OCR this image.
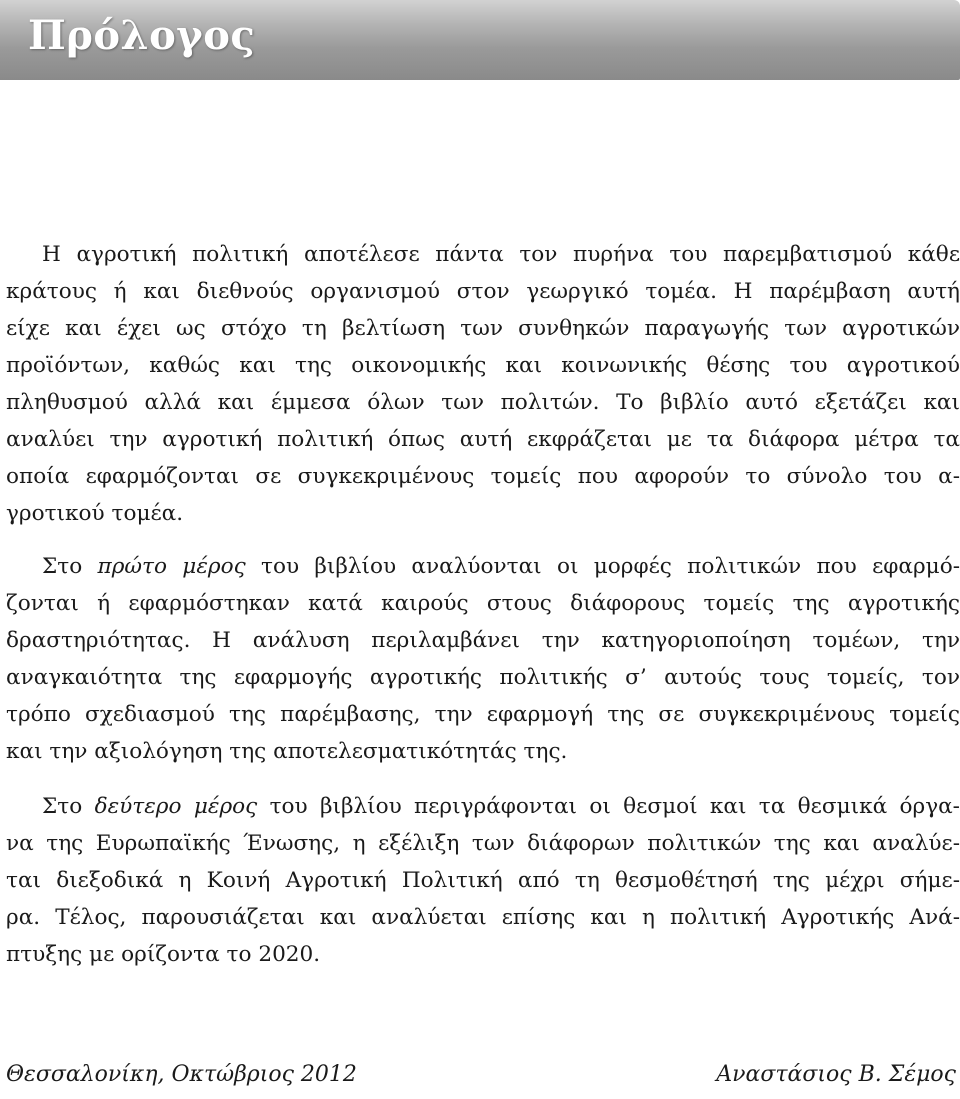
Πρόλογος
Η αγροτική πολιτική αποτέλεσε πάντα τον πυρήνα του παρεμβατισμού κάθε
κράτους ή και διεθνούς οργανισμού στον γεωργικό τομέα. Η παρέμβαση αυτή
είχε και έχει ως στόχο τη βελτίωση των συνθηκών παραγωγής των αγροτικών
προϊόντων, καθώς και της οικονομικής και κοινωνικής θέσης του αγροτικού
πληθυσμού αλλά και έμμεσα όλων των πολιτών. Το βιβλίο αυτό εξετάζει και
αναλύει την αγροτική πολιτική όπως αυτή εκφράζεται με τα διάφορα μέτρα τα
οποία εφαρμόζονται σε συγκεκριμένους τομείς που αφορούν το σύνολο του α-
γροτικού τομέα.
Στο πρώτο μέρος του βιβλίου αναλύονται οι μορφές πολιτικών που εφαρμό-
ζονται ή εφαρμόστηκαν κατά καιρούς στους διάφορους τομείς της αγροτικής
δραστηριότητας. Η ανάλυση περιλαμβάνει την κατηγοριοποίηση τομέων, την
αναγκαιότητα της εφαρμογής αγροτικής πολιτικής σ’ αυτούς τους τομείς, τον
τρόπο σχεδιασμού της παρέμβασης, την εφαρμογή της σε συγκεκριμένους τομείς
και την αξιολόγηση της αποτελεσματικότητάς της.
Στο δεύτερο μέρος του βιβλίου περιγράφονται οι θεσμοί και τα θεσμικά όργα-
να της Ευρωπαϊκής Ένωσης, η εξέλιξη των διάφορων πολιτικών της και αναλύε-
ται διεξοδικά η Κοινή Αγροτική Πολιτική από τη θεσμοθέτησή της μέχρι σήμε-
ρα. Τέλος, παρουσιάζεται και αναλύεται επίσης και η πολιτική Αγροτικής Ανά-
πτυξης με ορίζοντα το 2020.
Θεσσαλονίκη, Οκτώβριος 2012	Αναστάσιος Β. Σέμος
